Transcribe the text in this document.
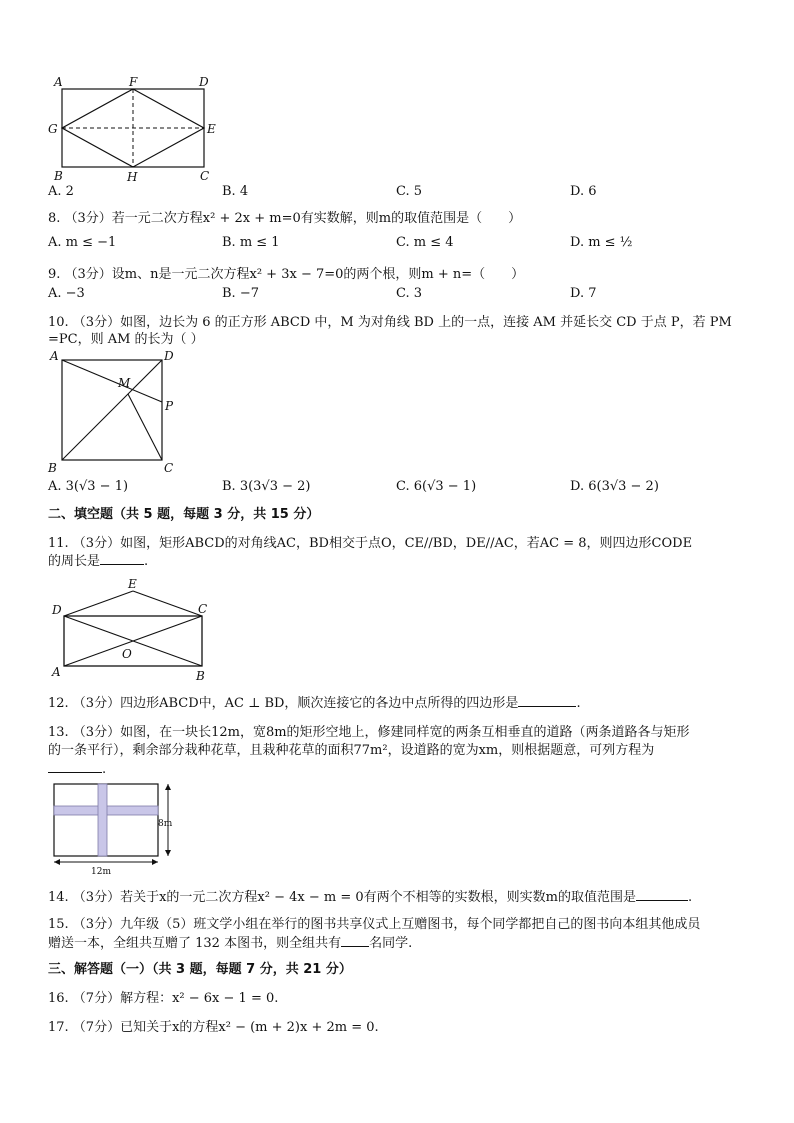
A	F	D
G	E
B	H	C
A. 2	B. 4	C. 5	D. 6
8. （3分）若一元二次方程x² + 2x + m=0有实数解，则m的取值范围是（　　）
A. m ≤ −1	B. m ≤ 1	C. m ≤ 4	D. m ≤ ½
9. （3分）设m、n是一元二次方程x² + 3x − 7=0的两个根，则m + n=（　　）
A. −3	B. −7	C. 3	D. 7
10. （3分）如图，边长为 6 的正方形 ABCD 中，M 为对角线 BD 上的一点，连接 AM 并延长交 CD 于点 P，若 PM
=PC，则 AM 的长为（ ）
A	D
M
P
B	C
A. 3(√3 − 1)	B. 3(3√3 − 2)	C. 6(√3 − 1)	D. 6(3√3 − 2)
二、填空题（共 5 题，每题 3 分，共 15 分）
11. （3分）如图，矩形ABCD的对角线AC，BD相交于点O，CE//BD，DE//AC，若AC = 8，则四边形CODE
的周长是	.
E
D	C
O
A	B
12. （3分）四边形ABCD中，AC ⊥ BD，顺次连接它的各边中点所得的四边形是	.
13. （3分）如图，在一块长12m，宽8m的矩形空地上，修建同样宽的两条互相垂直的道路（两条道路各与矩形
的一条平行），剩余部分栽种花草，且栽种花草的面积77m²，设道路的宽为xm，则根据题意，可列方程为
.
8m
12m
14. （3分）若关于x的一元二次方程x² − 4x − m = 0有两个不相等的实数根，则实数m的取值范围是	.
15. （3分）九年级（5）班文学小组在举行的图书共享仪式上互赠图书，每个同学都把自己的图书向本组其他成员
赠送一本，全组共互赠了 132 本图书，则全组共有 名同学.
三、解答题（一）（共 3 题，每题 7 分，共 21 分）
16. （7分）解方程：x² − 6x − 1 = 0.
17. （7分）已知关于x的方程x² − (m + 2)x + 2m = 0.
